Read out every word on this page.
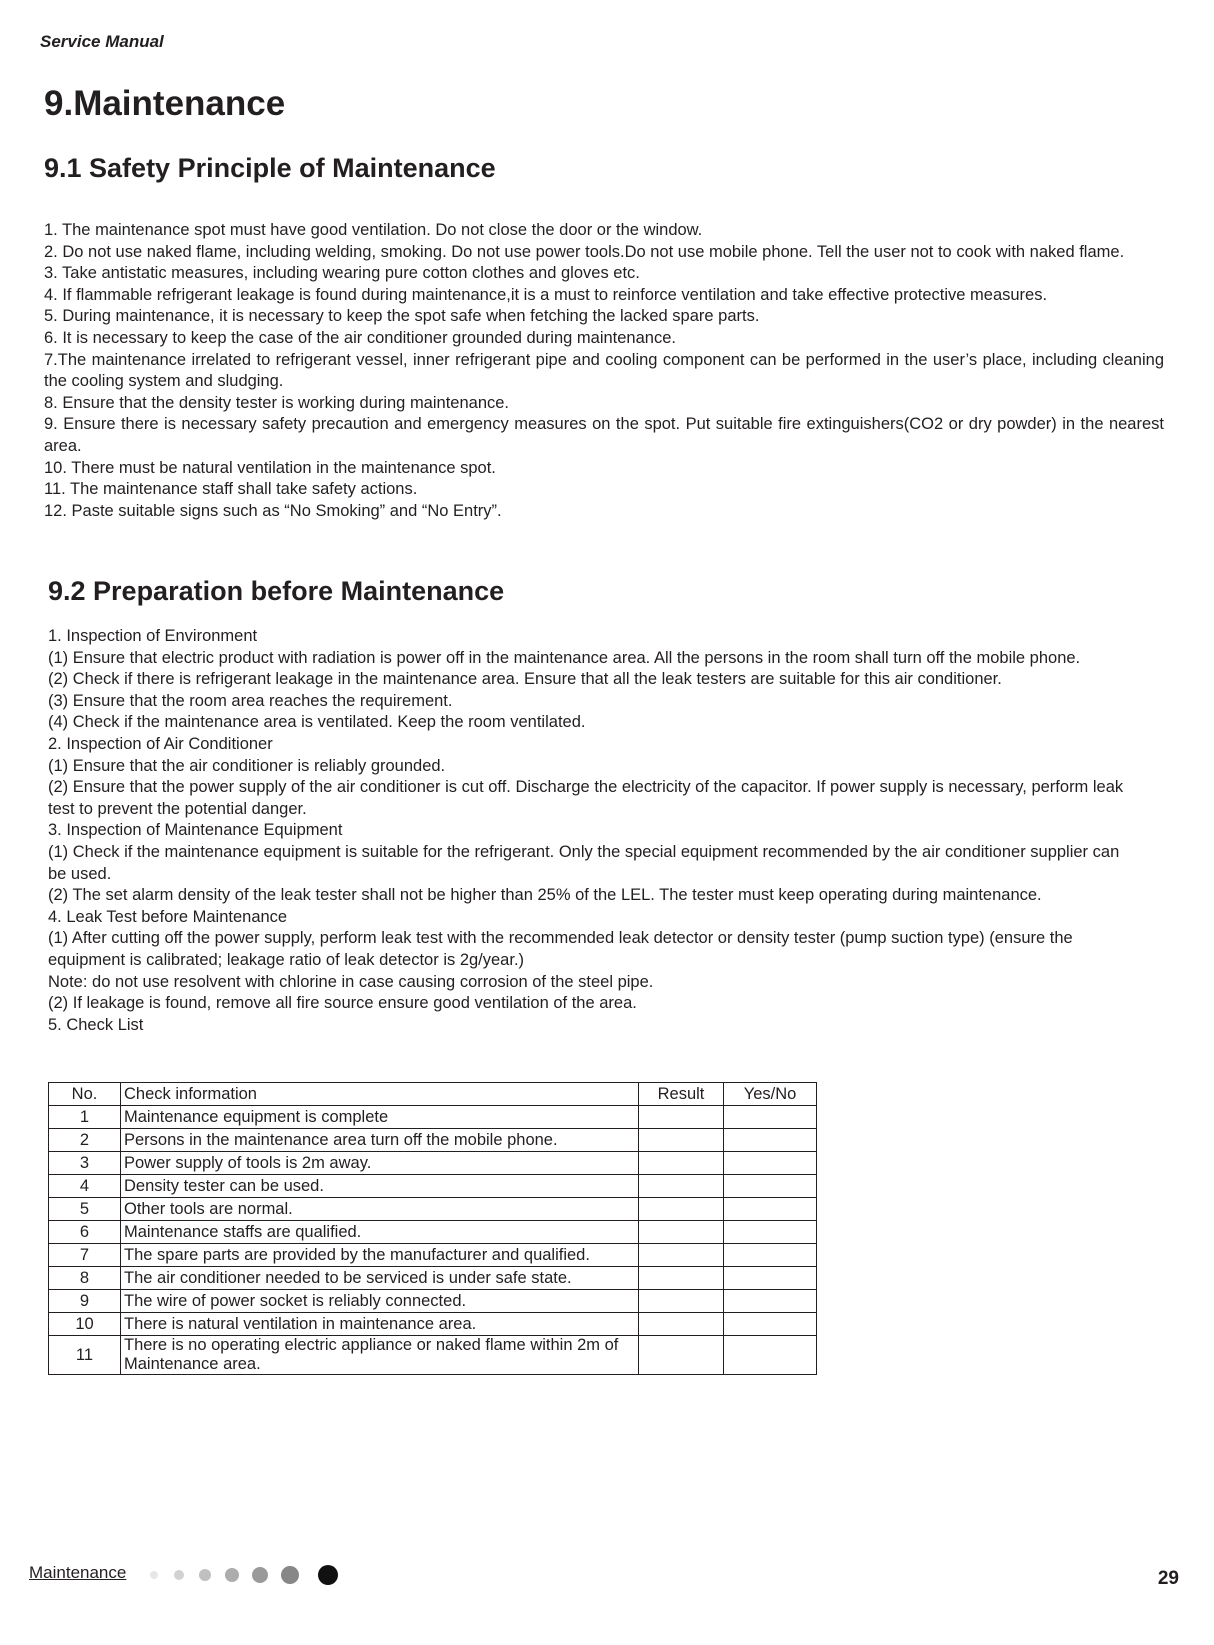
Service Manual
9.Maintenance
9.1 Safety Principle of Maintenance
1. The maintenance spot must have good ventilation. Do not close the door or the window.
2. Do not use naked flame, including welding, smoking. Do not use power tools.Do not use mobile phone. Tell the user not to cook with naked flame.
3. Take antistatic measures, including wearing pure cotton clothes and gloves etc.
4. If flammable refrigerant leakage is found during maintenance,it is a must to reinforce ventilation and take effective protective measures.
5. During maintenance, it is necessary to keep the spot safe when fetching the lacked spare parts.
6. It is necessary to keep the case of the air conditioner grounded during maintenance.
7.The maintenance irrelated to refrigerant vessel, inner refrigerant pipe and cooling component can be performed in the user’s place, including cleaning the cooling system and sludging.
8. Ensure that the density tester is working during maintenance.
9. Ensure there is necessary safety precaution and emergency measures on the spot. Put suitable fire extinguishers(CO2 or dry powder) in the nearest area.
10. There must be natural ventilation in the maintenance spot.
11. The maintenance staff shall take safety actions.
12. Paste suitable signs such as “No Smoking” and “No Entry”.
9.2 Preparation before Maintenance
1. Inspection of Environment
(1) Ensure that electric product with radiation is power off in the maintenance area. All the persons in the room shall turn off the mobile phone.
(2) Check if there is refrigerant leakage in the maintenance area. Ensure that all the leak testers are suitable for this air conditioner.
(3) Ensure that the room area reaches the requirement.
(4) Check if the maintenance area is ventilated. Keep the room ventilated.
2. Inspection of Air Conditioner
(1) Ensure that the air conditioner is reliably grounded.
(2) Ensure that the power supply of the air conditioner is cut off. Discharge the electricity of the capacitor. If power supply is necessary, perform leak test to prevent the potential danger.
3. Inspection of Maintenance Equipment
(1) Check if the maintenance equipment is suitable for the refrigerant. Only the special equipment recommended by the air conditioner supplier can be used.
(2) The set alarm density of the leak tester shall not be higher than 25% of the LEL. The tester must keep operating during maintenance.
4. Leak Test before Maintenance
(1) After cutting off the power supply, perform leak test with the recommended leak detector or density tester (pump suction type) (ensure the equipment is calibrated; leakage ratio of leak detector is 2g/year.)
Note: do not use resolvent with chlorine in case causing corrosion of the steel pipe.
(2) If leakage is found, remove all fire source ensure good ventilation of the area.
5. Check List
No.	Check information	Result	Yes/No
1	Maintenance equipment is complete		
2	Persons in the maintenance area turn off the mobile phone.		
3	Power supply of tools is 2m away.		
4	Density tester can be used.		
5	Other tools are normal.		
6	Maintenance staffs are qualified.		
7	The spare parts are provided by the manufacturer and qualified.		
8	The air conditioner needed to be serviced is under safe state.		
9	The wire of power socket is reliably connected.		
10	There is natural ventilation in maintenance area.		
11	There is no operating electric appliance or naked flame within 2m of Maintenance area.		
Maintenance	29
